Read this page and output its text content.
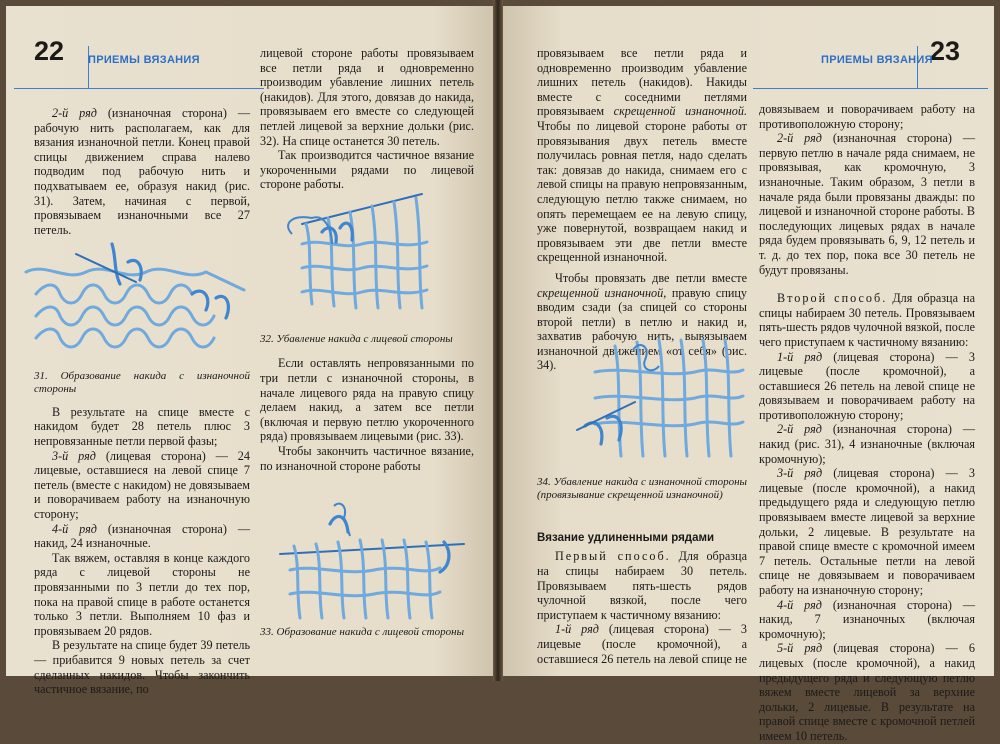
22 ПРИЕМЫ ВЯЗАНИЯ

2-й ряд (изнаночная сторона) — рабочую нить располагаем, как для вязания изнаночной петли. Конец правой спицы движением справа налево подводим под рабочую нить и подхватываем ее, образуя накид (рис. 31). Затем, начиная с первой, провязываем изнаночными все 27 петель.

31. Образование накида с изнаночной стороны

В результате на спице вместе с накидом будет 28 петель плюс 3 непровязанные петли первой фазы;

3-й ряд (лицевая сторона) — 24 лицевые, оставшиеся на левой спице 7 петель (вместе с накидом) не довязываем и поворачиваем работу на изнаночную сторону;

4-й ряд (изнаночная сторона) — накид, 24 изнаночные.

Так вяжем, оставляя в конце каждого ряда с лицевой стороны не провязанными по 3 петли до тех пор, пока на правой спице в работе останется только 3 петли. Выполняем 10 фаз и провязываем 20 рядов.

В результате на спице будет 39 петель — прибавится 9 новых петель за счет сделанных накидов. Чтобы закончить частичное вязание, по

лицевой стороне работы провязываем все петли ряда и одновременно производим убавление лишних петель (накидов). Для этого, довязав до накида, провязываем его вместе со следующей петлей лицевой за верхние дольки (рис. 32). На спице останется 30 петель.

Так производится частичное вязание укороченными рядами по лицевой стороне работы.

32. Убавление накида с лицевой стороны

Если оставлять непровязанными по три петли с изнаночной стороны, в начале лицевого ряда на правую спицу делаем накид, а затем все петли (включая и первую петлю укороченного ряда) провязываем лицевыми (рис. 33).

Чтобы закончить частичное вязание, по изнаночной стороне работы

33. Образование накида с лицевой стороны

23
ПРИЕМЫ ВЯЗАНИЯ

провязываем все петли ряда и одновременно производим убавление лишних петель (накидов). Накиды вместе с соседними петлями провязываем скрещенной изнаночной. Чтобы по лицевой стороне работы от провязывания двух петель вместе получилась ровная петля, надо сделать так: довязав до накида, снимаем его с левой спицы на правую непровязанным, следующую петлю также снимаем, но опять перемещаем ее на левую спицу, уже повернутой, возвращаем накид и провязываем эти две петли вместе скрещенной изнаночной.

Чтобы провязать две петли вместе скрещенной изнаночной, правую спицу вводим сзади (за спицей со стороны второй петли) в петлю и накид и, захватив рабочую нить, вывязываем изнаночной движением «от себя» (рис. 34).

34. Убавление накида с изнаночной стороны (провязывание скрещенной изнаночной)

Вязание удлиненными рядами

Первый способ. Для образца на спицы набираем 30 петель. Провязываем пять-шесть рядов чулочной вязкой, после чего приступаем к частичному вязанию:

1-й ряд (лицевая сторона) — 3 лицевые (после кромочной), а оставшиеся 26 петель на левой спице не

довязываем и поворачиваем работу на противоположную сторону;

2-й ряд (изнаночная сторона) — первую петлю в начале ряда снимаем, не провязывая, как кромочную, 3 изнаночные. Таким образом, 3 петли в начале ряда были провязаны дважды: по лицевой и изнаночной стороне работы. В последующих лицевых рядах в начале ряда будем провязывать 6, 9, 12 петель и т. д. до тех пор, пока все 30 петель не будут провязаны.

Второй способ. Для образца на спицы набираем 30 петель. Провязываем пять-шесть рядов чулочной вязкой, после чего приступаем к частичному вязанию:

1-й ряд (лицевая сторона) — 3 лицевые (после кромочной), а оставшиеся 26 петель на левой спице не довязываем и поворачиваем работу на противоположную сторону;

2-й ряд (изнаночная сторона) — накид (рис. 31), 4 изнаночные (включая кромочную);

3-й ряд (лицевая сторона) — 3 лицевые (после кромочной), а накид предыдущего ряда и следующую петлю провязываем вместе лицевой за верхние дольки, 2 лицевые. В результате на правой спице вместе с кромочной имеем 7 петель. Остальные петли на левой спице не довязываем и поворачиваем работу на изнаночную сторону;

4-й ряд (изнаночная сторона) — накид, 7 изнаночных (включая кромочную);

5-й ряд (лицевая сторона) — 6 лицевых (после кромочной), а накид предыдущего ряда и следующую петлю вяжем вместе лицевой за верхние дольки, 2 лицевые. В результате на правой спице вместе с кромочной петлей имеем 10 петель.
